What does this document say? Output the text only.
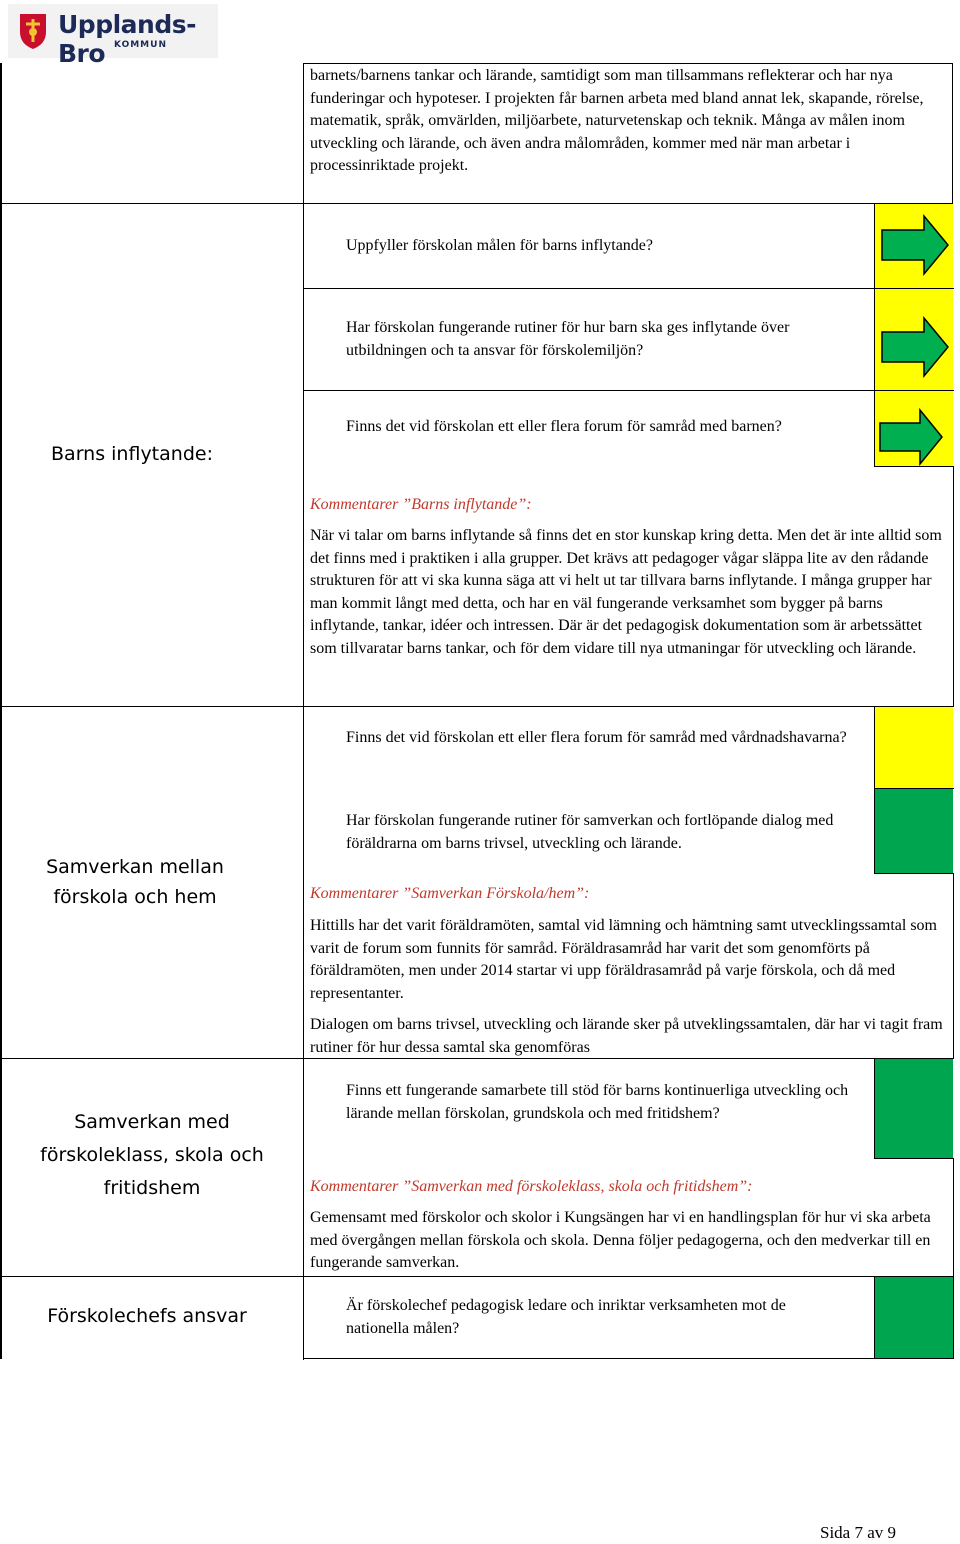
Upplands-Bro KOMMUN
barnets/barnens tankar och lärande, samtidigt som man tillsammans reflekterar och har nya funderingar och hypoteser. I projekten får barnen arbeta med bland annat lek, skapande, rörelse, matematik, språk, omvärlden, miljöarbete, naturvetenskap och teknik. Många av målen inom utveckling och lärande, och även andra målområden, kommer med när man arbetar i processinriktade projekt.
Barns inflytande:
Uppfyller förskolan målen för barns inflytande?
Har förskolan fungerande rutiner för hur barn ska ges inflytande över utbildningen och ta ansvar för förskolemiljön?
Finns det vid förskolan ett eller flera forum för samråd med barnen?
Kommentarer ”Barns inflytande”:
När vi talar om barns inflytande så finns det en stor kunskap kring detta. Men det är inte alltid som det finns med i praktiken i alla grupper. Det krävs att pedagoger vågar släppa lite av den rådande strukturen för att vi ska kunna säga att vi helt ut tar tillvara barns inflytande. I många grupper har man kommit långt med detta, och har en väl fungerande verksamhet som bygger på barns inflytande, tankar, idéer och intressen. Där är det pedagogisk dokumentation som är arbetssättet som tillvaratar barns tankar, och för dem vidare till nya utmaningar för utveckling och lärande.
Samverkan mellan förskola och hem
Finns det vid förskolan ett eller flera forum för samråd med vårdnadshavarna?
Har förskolan fungerande rutiner för samverkan och fortlöpande dialog med föräldrarna om barns trivsel, utveckling och lärande.
Kommentarer ”Samverkan Förskola/hem”:
Hittills har det varit föräldramöten, samtal vid lämning och hämtning samt utvecklingssamtal som varit de forum som funnits för samråd. Föräldrasamråd har varit det som genomförts på föräldramöten, men under 2014 startar vi upp föräldrasamråd på varje förskola, och då med representanter.
Dialogen om barns trivsel, utveckling och lärande sker på utveklingssamtalen, där har vi tagit fram rutiner för hur dessa samtal ska genomföras
Samverkan med förskoleklass, skola och fritidshem
Finns ett fungerande samarbete till stöd för barns kontinuerliga utveckling och lärande mellan förskolan, grundskola och med fritidshem?
Kommentarer ”Samverkan med förskoleklass, skola och fritidshem”:
Gemensamt med förskolor och skolor i Kungsängen har vi en handlingsplan för hur vi ska arbeta med övergången mellan förskola och skola. Denna följer pedagogerna, och den medverkar till en fungerande samverkan.
Förskolechefs ansvar	Är förskolechef pedagogisk ledare och inriktar verksamheten mot de nationella målen?
Sida 7 av 9
